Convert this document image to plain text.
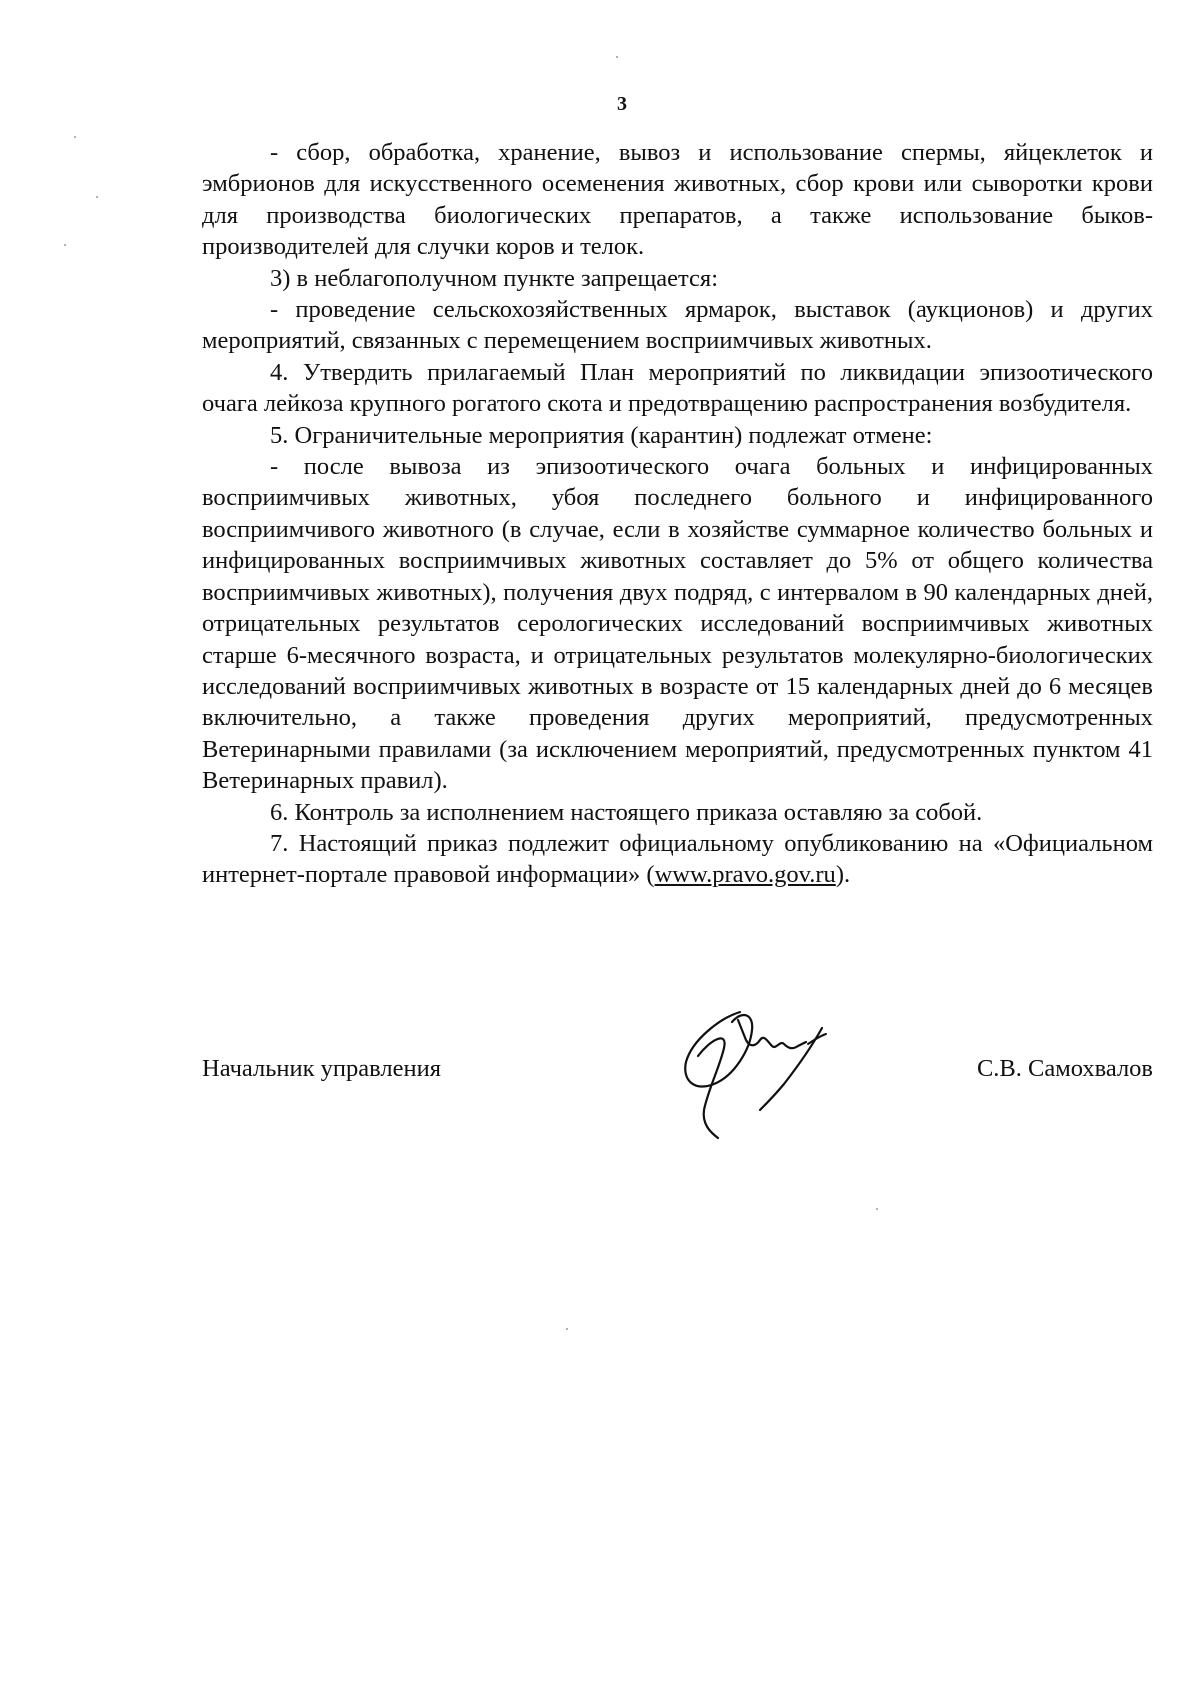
3

- сбор, обработка, хранение, вывоз и использование спермы, яйцеклеток и эмбрионов для искусственного осеменения животных, сбор крови или сыворотки крови для производства биологических препаратов, а также использование быков-производителей для случки коров и телок.

3) в неблагополучном пункте запрещается:

- проведение сельскохозяйственных ярмарок, выставок (аукционов) и других мероприятий, связанных с перемещением восприимчивых животных.

4. Утвердить прилагаемый План мероприятий по ликвидации эпизоотического очага лейкоза крупного рогатого скота и предотвращению распространения возбудителя.

5. Ограничительные мероприятия (карантин) подлежат отмене:

- после вывоза из эпизоотического очага больных и инфицированных восприимчивых животных, убоя последнего больного и инфицированного восприимчивого животного (в случае, если в хозяйстве суммарное количество больных и инфицированных восприимчивых животных составляет до 5% от общего количества восприимчивых животных), получения двух подряд, с интервалом в 90 календарных дней, отрицательных результатов серологических исследований восприимчивых животных старше 6-месячного возраста, и отрицательных результатов молекулярно-биологических исследований восприимчивых животных в возрасте от 15 календарных дней до 6 месяцев включительно, а также проведения других мероприятий, предусмотренных Ветеринарными правилами (за исключением мероприятий, предусмотренных пунктом 41 Ветеринарных правил).

6. Контроль за исполнением настоящего приказа оставляю за собой.

7. Настоящий приказ подлежит официальному опубликованию на «Официальном интернет-портале правовой информации» (www.pravo.gov.ru).

Начальник управления	С.В. Самохвалов
